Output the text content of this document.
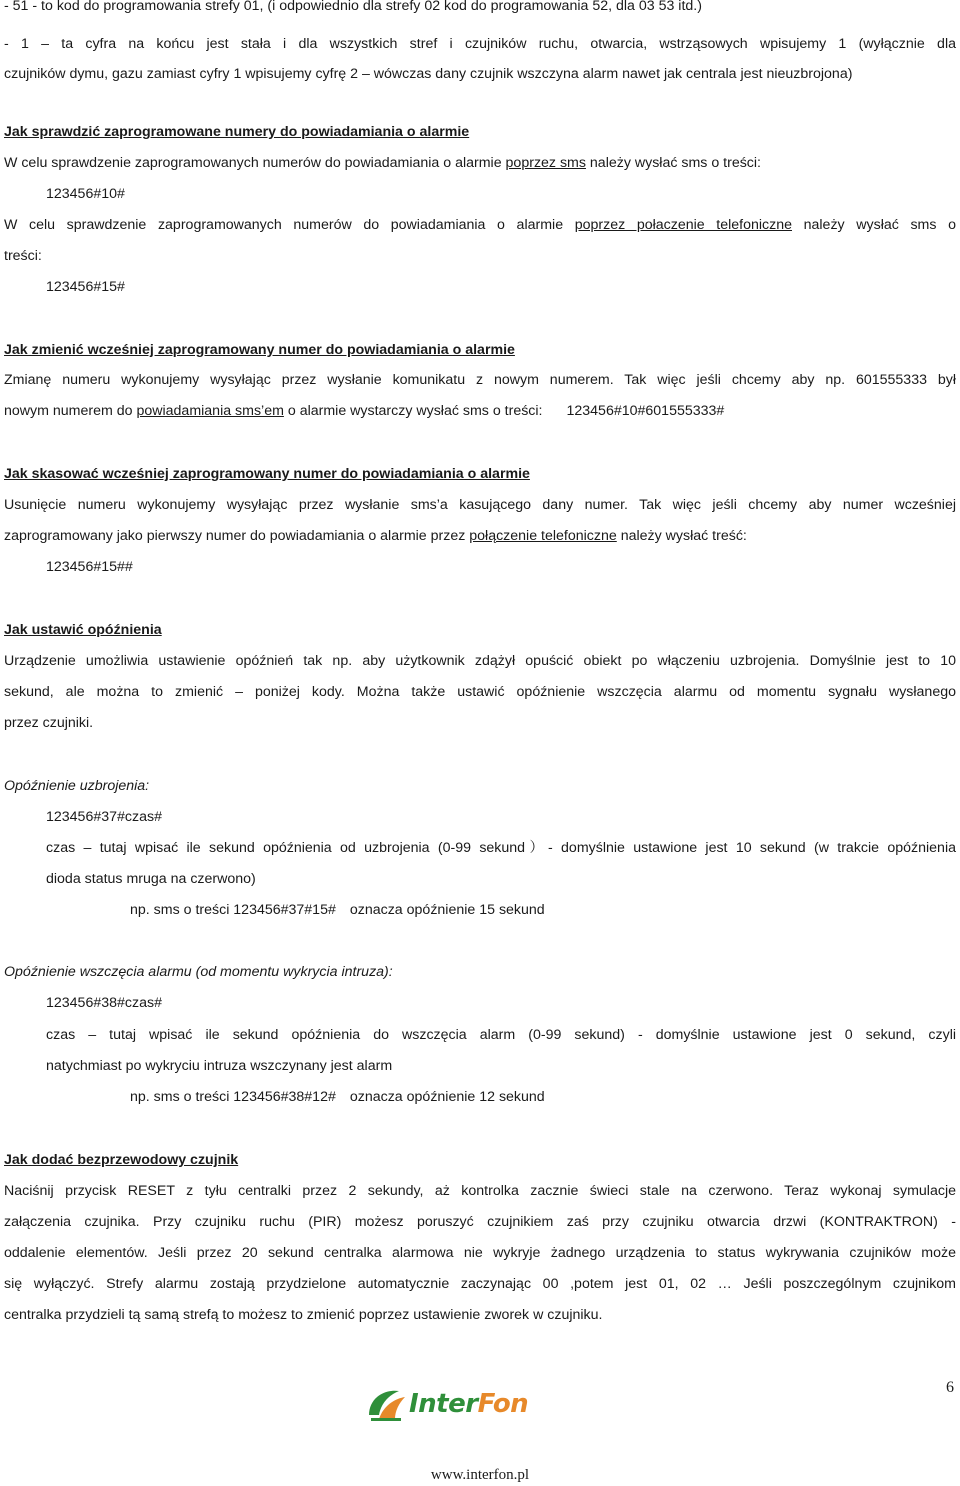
- 51 - to kod do programowania strefy 01, (i odpowiednio dla strefy 02 kod do programowania 52, dla 03 53 itd.)
- 1 – ta cyfra na końcu jest stała i dla wszystkich stref i czujników ruchu, otwarcia, wstrząsowych wpisujemy 1 (wyłącznie dla
czujników dymu, gazu zamiast cyfry 1 wpisujemy cyfrę 2 – wówczas dany czujnik wszczyna alarm nawet jak centrala jest nieuzbrojona)
Jak sprawdzić zaprogramowane numery do powiadamiania o alarmie
W celu sprawdzenie zaprogramowanych numerów do powiadamiania o alarmie poprzez sms należy wysłać sms o treści:
123456#10#
W celu sprawdzenie zaprogramowanych numerów do powiadamiania o alarmie poprzez połaczenie telefoniczne należy wysłać sms o
treści:
123456#15#
Jak zmienić wcześniej zaprogramowany numer do powiadamiania o alarmie
Zmianę numeru wykonujemy wysyłając przez wysłanie komunikatu z nowym numerem. Tak więc jeśli chcemy aby np. 601555333 był
nowym numerem do powiadamiania sms’em o alarmie wystarczy wysłać sms o treści: 123456#10#601555333#
Jak skasować wcześniej zaprogramowany numer do powiadamiania o alarmie
Usunięcie numeru wykonujemy wysyłając przez wysłanie sms’a kasującego dany numer. Tak więc jeśli chcemy aby numer wcześniej
zaprogramowany jako pierwszy numer do powiadamiania o alarmie przez połączenie telefoniczne należy wysłać treść:
123456#15##
Jak ustawić opóźnienia
Urządzenie umożliwia ustawienie opóźnień tak np. aby użytkownik zdążył opuścić obiekt po włączeniu uzbrojenia. Domyślnie jest to 10
sekund, ale można to zmienić – poniżej kody. Można także ustawić opóźnienie wszczęcia alarmu od momentu sygnału wysłanego
przez czujniki.
Opóźnienie uzbrojenia:
123456#37#czas#
czas – tutaj wpisać ile sekund opóźnienia od uzbrojenia (0-99 sekund）- domyślnie ustawione jest 10 sekund (w trakcie opóźnienia
dioda status mruga na czerwono)
np. sms o treści 123456#37#15# oznacza opóźnienie 15 sekund
Opóźnienie wszczęcia alarmu (od momentu wykrycia intruza):
123456#38#czas#
czas – tutaj wpisać ile sekund opóźnienia do wszczęcia alarm (0-99 sekund) - domyślnie ustawione jest 0 sekund, czyli
natychmiast po wykryciu intruza wszczynany jest alarm
np. sms o treści 123456#38#12# oznacza opóźnienie 12 sekund
Jak dodać bezprzewodowy czujnik
Naciśnij przycisk RESET z tyłu centralki przez 2 sekundy, aż kontrolka zacznie świeci stale na czerwono. Teraz wykonaj symulacje
załączenia czujnika. Przy czujniku ruchu (PIR) możesz poruszyć czujnikiem zaś przy czujniku otwarcia drzwi (KONTRAKTRON) -
oddalenie elementów. Jeśli przez 20 sekund centralka alarmowa nie wykryje żadnego urządzenia to status wykrywania czujników może
się wyłączyć. Strefy alarmu zostają przydzielone automatycznie zaczynając 00 ,potem jest 01, 02 … Jeśli poszczególnym czujnikom
centralka przydzieli tą samą strefą to możesz to zmienić poprzez ustawienie zworek w czujniku.
6
InterFon
www.interfon.pl
